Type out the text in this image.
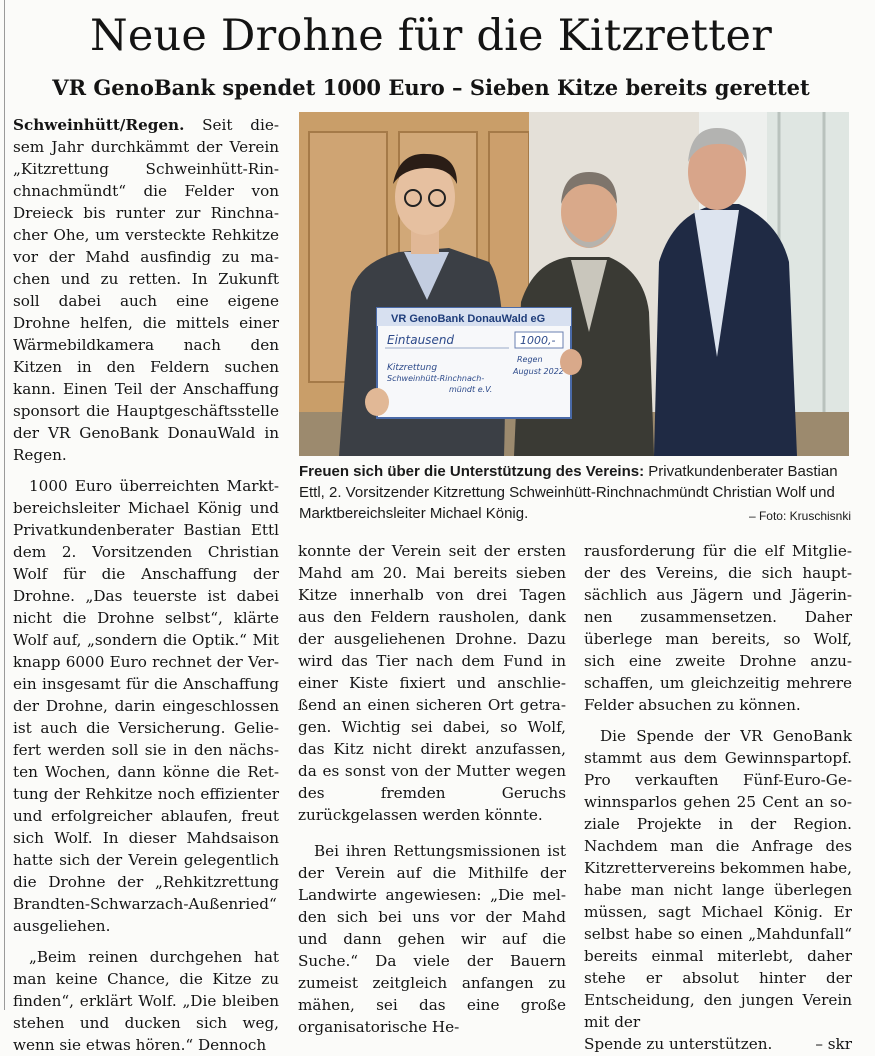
Neue Drohne für die Kitzretter
VR GenoBank spendet 1000 Euro – Sieben Kitze bereits gerettet

Schweinhütt/Regen. Seit diesem Jahr durchkämmt der Verein „Kitzrettung Schweinhütt-Rinchnachmündt“ die Felder von Dreieck bis runter zur Rinchnacher Ohe, um versteckte Rehkitze vor der Mahd ausfindig zu machen und zu retten. In Zukunft soll dabei auch eine eigene Drohne helfen, die mittels einer Wärmebildkamera nach den Kitzen in den Feldern suchen kann. Einen Teil der Anschaffung sponsort die Hauptgeschäftsstelle der VR GenoBank DonauWald in Regen.

1000 Euro überreichten Marktbereichsleiter Michael König und Privatkundenberater Bastian Ettl dem 2. Vorsitzenden Christian Wolf für die Anschaffung der Drohne. „Das teuerste ist dabei nicht die Drohne selbst“, klärte Wolf auf, „sondern die Optik.“ Mit knapp 6000 Euro rechnet der Verein insgesamt für die Anschaffung der Drohne, darin eingeschlossen ist auch die Versicherung. Geliefert werden soll sie in den nächsten Wochen, dann könne die Rettung der Rehkitze noch effizienter und erfolgreicher ablaufen, freut sich Wolf. In dieser Mahdsaison hatte sich der Verein gelegentlich die Drohne der „Rehkitzrettung Brandten-Schwarzach-Außenried“ ausgeliehen.

„Beim reinen durchgehen hat man keine Chance, die Kitze zu finden“, erklärt Wolf. „Die bleiben stehen und ducken sich weg, wenn sie etwas hören.“ Dennoch

VR GenoBank DonauWald eG
Eintausend	1000,-
Kitzrettung
Schweinhütt-Rinchnach-
mündt e.V.
Regen
August 2022
Freuen sich über die Unterstützung des Vereins: Privatkundenberater Bastian Ettl, 2. Vorsitzender Kitzrettung Schweinhütt-Rinchnachmündt Christian Wolf und Marktbereichsleiter Michael König.	– Foto: Kruschisnki

konnte der Verein seit der ersten Mahd am 20. Mai bereits sieben Kitze innerhalb von drei Tagen aus den Feldern rausholen, dank der ausgeliehenen Drohne. Dazu wird das Tier nach dem Fund in einer Kiste fixiert und anschließend an einen sicheren Ort getragen. Wichtig sei dabei, so Wolf, das Kitz nicht direkt anzufassen, da es sonst von der Mutter wegen des fremden Geruchs zurückgelassen werden könnte.

Bei ihren Rettungsmissionen ist der Verein auf die Mithilfe der Landwirte angewiesen: „Die melden sich bei uns vor der Mahd und dann gehen wir auf die Suche.“ Da viele der Bauern zumeist zeitgleich anfangen zu mähen, sei das eine große organisatorische He-

rausforderung für die elf Mitglieder des Vereins, die sich hauptsächlich aus Jägern und Jägerinnen zusammensetzen. Daher überlege man bereits, so Wolf, sich eine zweite Drohne anzuschaffen, um gleichzeitig mehrere Felder absuchen zu können.

Die Spende der VR GenoBank stammt aus dem Gewinnspartopf. Pro verkauften Fünf-Euro-Gewinnsparlos gehen 25 Cent an soziale Projekte in der Region. Nachdem man die Anfrage des Kitzrettervereins bekommen habe, habe man nicht lange überlegen müssen, sagt Michael König. Er selbst habe so einen „Mahdunfall“ bereits einmal miterlebt, daher stehe er absolut hinter der Entscheidung, den jungen Verein mit der

Spende zu unterstützen.	– skr
